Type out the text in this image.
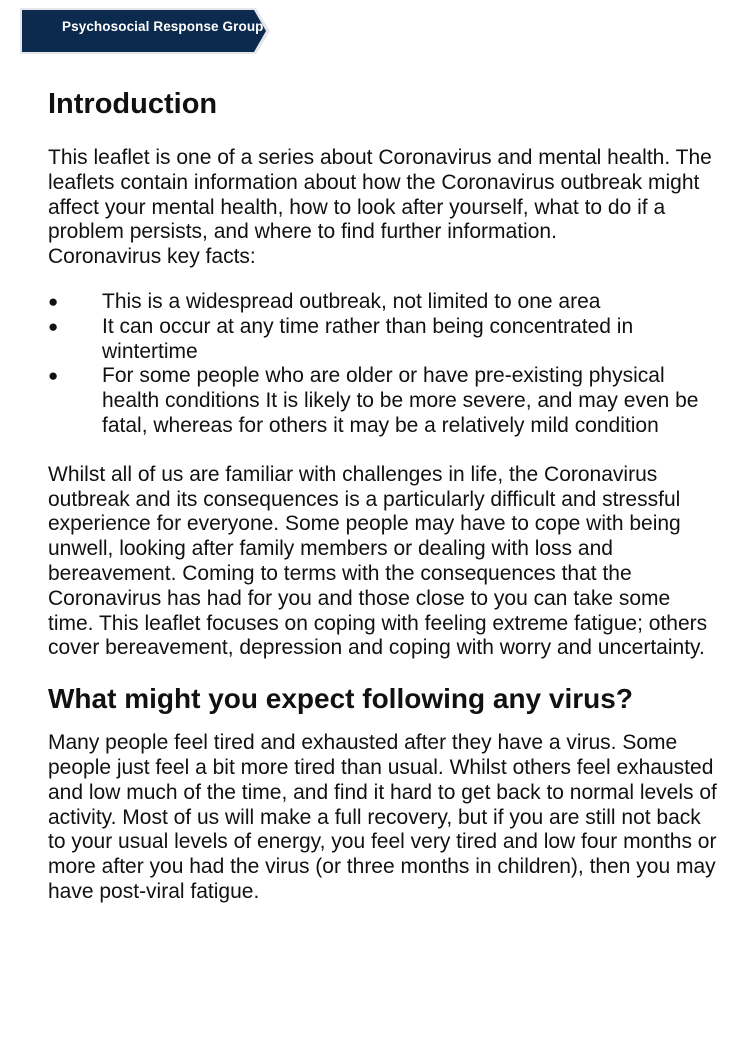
Psychosocial Response Group
Introduction

This leaflet is one of a series about Coronavirus and mental health. The leaflets contain information about how the Coronavirus outbreak might affect your mental health, how to look after yourself, what to do if a problem persists, and where to find further information.

Coronavirus key facts:

● This is a widespread outbreak, not limited to one area
● It can occur at any time rather than being concentrated in wintertime
● For some people who are older or have pre-existing physical health conditions It is likely to be more severe, and may even be fatal, whereas for others it may be a relatively mild condition

Whilst all of us are familiar with challenges in life, the Coronavirus outbreak and its consequences is a particularly difficult and stressful experience for everyone. Some people may have to cope with being unwell, looking after family members or dealing with loss and bereavement. Coming to terms with the consequences that the Coronavirus has had for you and those close to you can take some time. This leaflet focuses on coping with feeling extreme fatigue; others cover bereavement, depression and coping with worry and uncertainty.

What might you expect following any virus?

Many people feel tired and exhausted after they have a virus. Some people just feel a bit more tired than usual. Whilst others feel exhausted and low much of the time, and find it hard to get back to normal levels of activity. Most of us will make a full recovery, but if you are still not back to your usual levels of energy, you feel very tired and low four months or more after you had the virus (or three months in children), then you may have post-viral fatigue.
